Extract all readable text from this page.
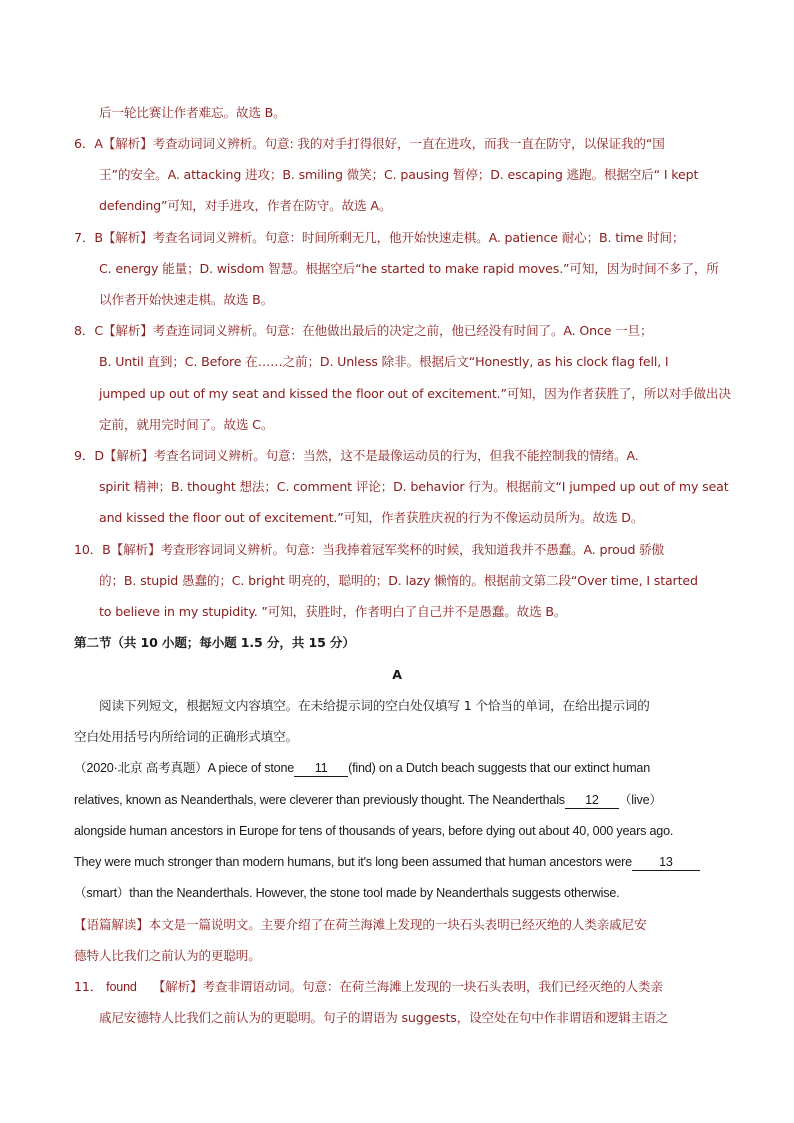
后一轮比赛让作者难忘。故选 B。
6．A【解析】考查动词词义辨析。句意: 我的对手打得很好，一直在进攻，而我一直在防守，以保证我的“国
王”的安全。A. attacking 进攻；B. smiling 微笑；C. pausing 暂停；D. escaping 逃跑。根据空后“ I kept
defending”可知，对手进攻，作者在防守。故选 A。
7．B【解析】考查名词词义辨析。句意：时间所剩无几，他开始快速走棋。A. patience 耐心；B. time 时间；
C. energy 能量；D. wisdom 智慧。根据空后“he started to make rapid moves.”可知，因为时间不多了，所
以作者开始快速走棋。故选 B。
8．C【解析】考查连词词义辨析。句意：在他做出最后的决定之前，他已经没有时间了。A. Once 一旦；
B. Until 直到；C. Before 在……之前；D. Unless 除非。根据后文“Honestly, as his clock flag fell, I
jumped up out of my seat and kissed the floor out of excitement.”可知，因为作者获胜了，所以对手做出决
定前，就用完时间了。故选 C。
9．D【解析】考查名词词义辨析。句意：当然，这不是最像运动员的行为，但我不能控制我的情绪。A.
spirit 精神；B. thought 想法；C. comment 评论；D. behavior 行为。根据前文“I jumped up out of my seat
and kissed the floor out of excitement.”可知，作者获胜庆祝的行为不像运动员所为。故选 D。
10．B【解析】考查形容词词义辨析。句意：当我捧着冠军奖杯的时候，我知道我并不愚蠢。A. proud 骄傲
的；B. stupid 愚蠢的；C. bright 明亮的，聪明的；D. lazy 懒惰的。根据前文第二段“Over time, I started
to believe in my stupidity. ”可知，获胜时，作者明白了自己并不是愚蠢。故选 B。
第二节（共 10 小题；每小题 1.5 分，共 15 分）
A
阅读下列短文，根据短文内容填空。在未给提示词的空白处仅填写 1 个恰当的单词，在给出提示词的
空白处用括号内所给词的正确形式填空。
（2020·北京 高考真题）A piece of stone 11 (find) on a Dutch beach suggests that our extinct human
relatives, known as Neanderthals, were cleverer than previously thought. The Neanderthals 12 （live）
alongside human ancestors in Europe for tens of thousands of years, before dying out about 40, 000 years ago.
They were much stronger than modern humans, but it's long been assumed that human ancestors were 13
（smart）than the Neanderthals. However, the stone tool made by Neanderthals suggests otherwise.
【语篇解读】本文是一篇说明文。主要介绍了在荷兰海滩上发现的一块石头表明已经灭绝的人类亲戚尼安
德特人比我们之前认为的更聪明。
11． found 【解析】考查非谓语动词。句意：在荷兰海滩上发现的一块石头表明，我们已经灭绝的人类亲
戚尼安德特人比我们之前认为的更聪明。句子的谓语为 suggests，设空处在句中作非谓语和逻辑主语之
